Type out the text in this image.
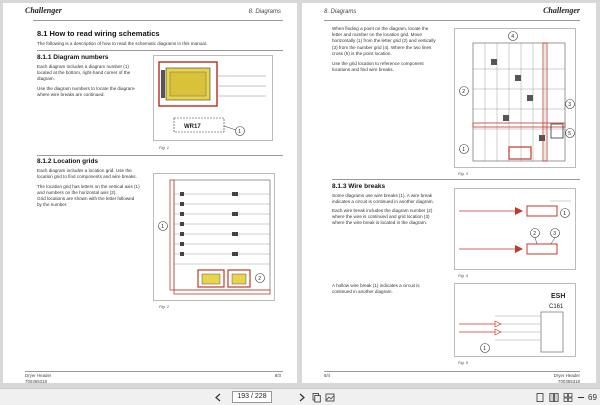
Challenger	8. Diagrams
8.1 How to read wiring schematics
The following is a description of how to read the schematic diagrams in this manual.
8.1.1 Diagram numbers
Each diagram includes a diagram number (1)
located at the bottom, right-hand corner of the
diagram.
Use the diagram numbers to locate the diagram-
where wire breaks are continued.
WR17
1
Fig. 1
8.1.2 Location grids
Each diagram includes a location grid. Use the
location grid to find components and wire breaks.
The location grid has letters on the vertical axis (1)
and numbers on the horizontal axis (2).
Grid locations are shown with the letter followed
by the number.
1
2
Fig. 2
Dryer Header
700365318
8/3
8. Diagrams	Challenger
When finding a point on the diagram, locate the
letter and number on the location grid. Move
horizontally (1) from the letter grid (2) and vertically
(3) from the number grid (4). Where the two lines
cross (5) is the point location.
Use the grid location to reference component
locations and find wire breaks.
4
2
3
5
1
Fig. 3
8.1.3 Wire breaks
Some diagrams use wire breaks (1). A wire break
indicates a circuit is continued in another diagram.
Each wire break includes the diagram number (2)
where the wire is continued and grid location (3)
where the wire break is located in the diagram.
1
2	3
Fig. 4
A hollow wire break (1) indicates a circuit is
continued in another diagram.
ESH
C161
1
Fig. 5
8/4	Dryer Header
700365318
193 / 228	69
